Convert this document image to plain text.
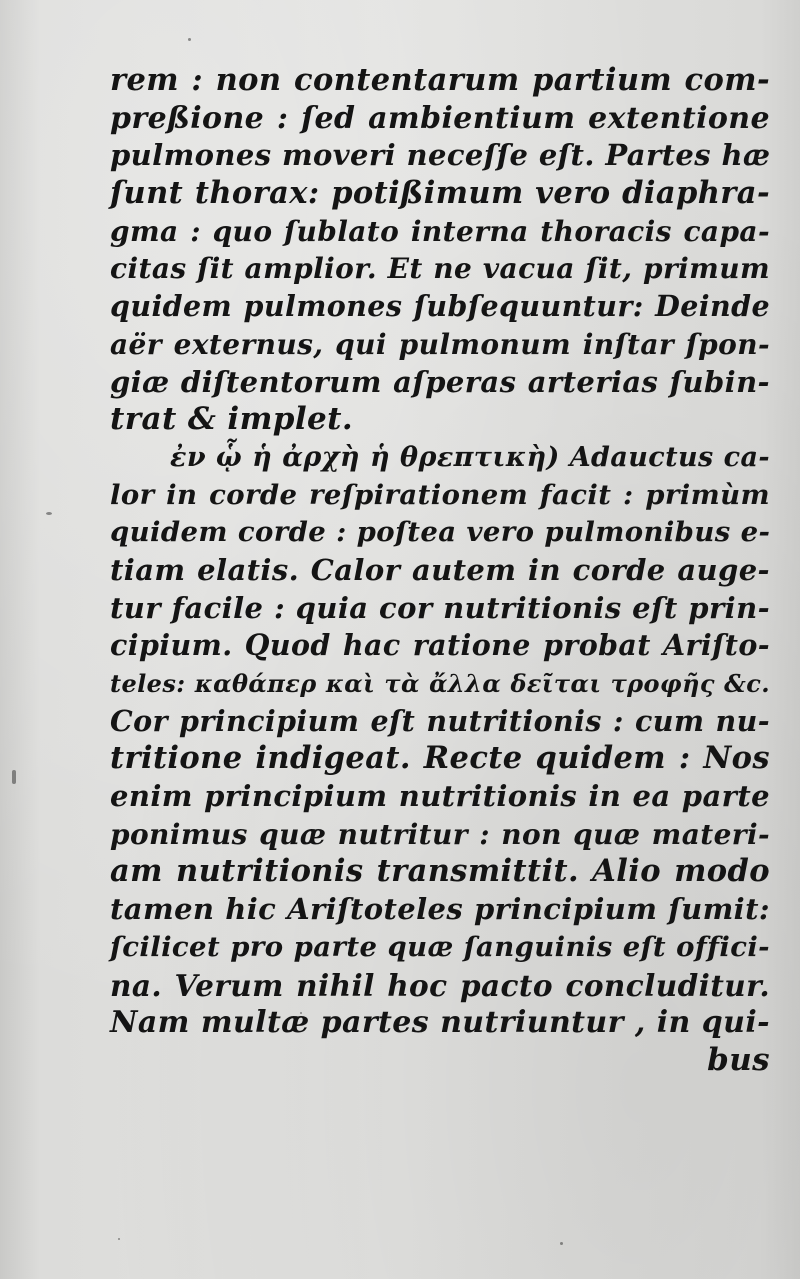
rem : non contentarum partium com-
preßione : ſed ambientium extentione
pulmones moveri neceſſe eſt. Partes hæ
ſunt thorax: potißimum vero diaphra-
gma : quo ſublato interna thoracis capa-
citas ſit amplior. Et ne vacua ſit, primum
quidem pulmones ſubſequuntur: Deinde
aër externus, qui pulmonum inſtar ſpon-
giæ diſtentorum aſperas arterias ſubin-
trat & implet.
ἐν ᾧ ἡ ἀρχὴ ἡ θρεπτικὴ) Adauctus ca-
lor in corde reſpirationem facit : primùm
quidem corde : poſtea vero pulmonibus e-
tiam elatis. Calor autem in corde auge-
tur facile : quia cor nutritionis eſt prin-
cipium. Quod hac ratione probat Ariſto-
teles: καθάπερ καὶ τὰ ἄλλα δεῖται τροφῆς &c.
Cor principium eſt nutritionis : cum nu-
tritione indigeat. Recte quidem : Nos
enim principium nutritionis in ea parte
ponimus quæ nutritur : non quæ materi-
am nutritionis transmittit. Alio modo
tamen hic Ariſtoteles principium ſumit:
ſcilicet pro parte quæ ſanguinis eſt offici-
na. Verum nihil hoc pacto concluditur.
Nam multæ partes nutriuntur , in qui-
bus
